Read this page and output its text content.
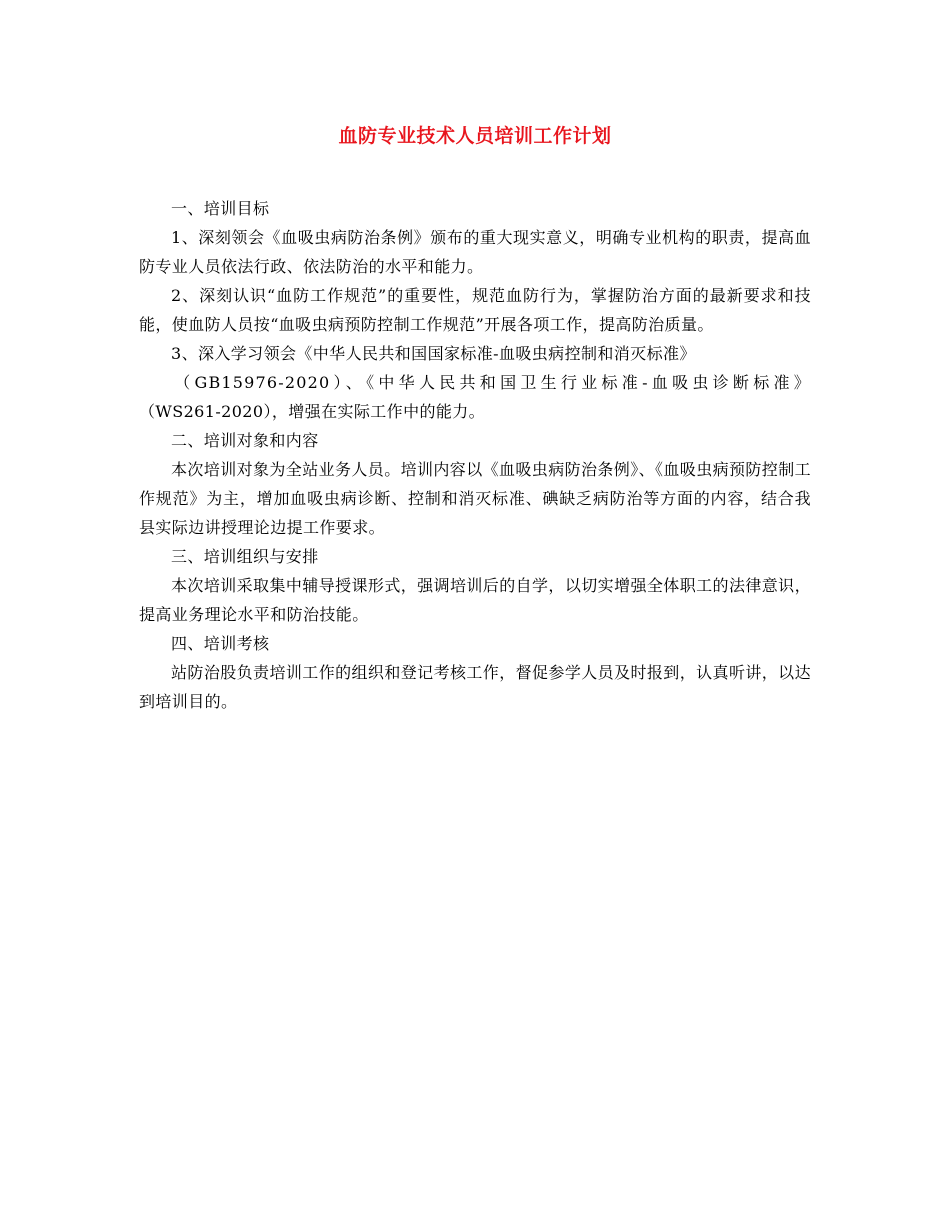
血防专业技术人员培训工作计划

一、培训目标

1、深刻领会《血吸虫病防治条例》颁布的重大现实意义，明确专业机构的职责，提高血防专业人员依法行政、依法防治的水平和能力。

2、深刻认识“血防工作规范”的重要性，规范血防行为，掌握防治方面的最新要求和技能，使血防人员按“血吸虫病预防控制工作规范”开展各项工作，提高防治质量。

3、深入学习领会《中华人民共和国国家标准-血吸虫病控制和消灭标准》

（GB15976-2020）、《中华人民共和国卫生行业标准-血吸虫诊断标准》

（WS261-2020），增强在实际工作中的能力。

二、培训对象和内容

本次培训对象为全站业务人员。培训内容以《血吸虫病防治条例》、《血吸虫病预防控制工作规范》为主，增加血吸虫病诊断、控制和消灭标准、碘缺乏病防治等方面的内容，结合我县实际边讲授理论边提工作要求。

三、培训组织与安排

本次培训采取集中辅导授课形式，强调培训后的自学，以切实增强全体职工的法律意识，提高业务理论水平和防治技能。

四、培训考核

站防治股负责培训工作的组织和登记考核工作，督促参学人员及时报到，认真听讲，以达到培训目的。
